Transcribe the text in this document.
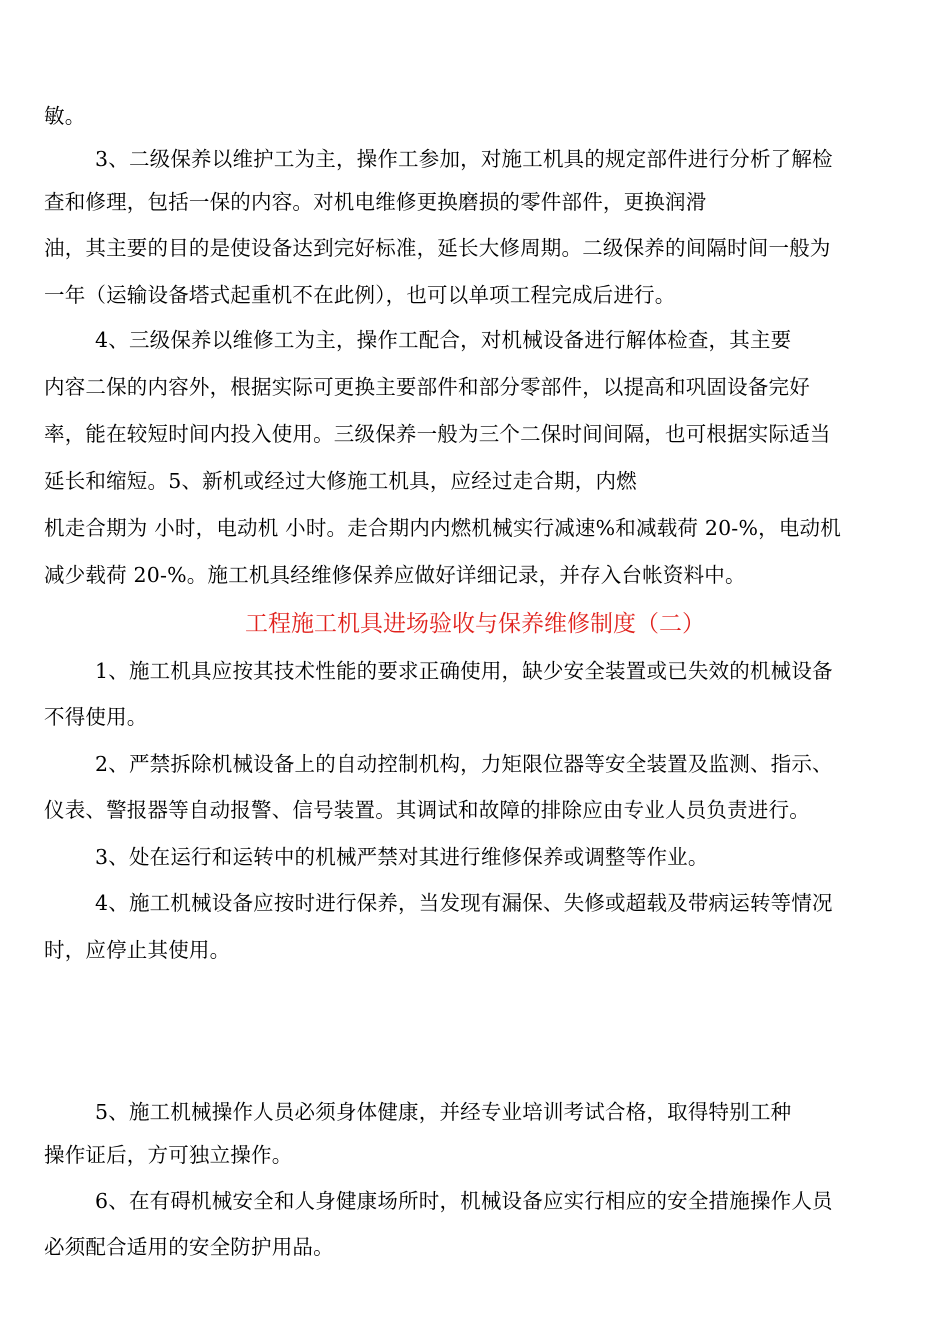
敏。
3、二级保养以维护工为主，操作工参加，对施工机具的规定部件进行分析了解检
查和修理，包括一保的内容。对机电维修更换磨损的零件部件，更换润滑
油，其主要的目的是使设备达到完好标准，延长大修周期。二级保养的间隔时间一般为
一年（运输设备塔式起重机不在此例），也可以单项工程完成后进行。
4、三级保养以维修工为主，操作工配合，对机械设备进行解体检查，其主要
内容二保的内容外，根据实际可更换主要部件和部分零部件，以提高和巩固设备完好
率，能在较短时间内投入使用。三级保养一般为三个二保时间间隔，也可根据实际适当
延长和缩短。5、新机或经过大修施工机具，应经过走合期，内燃
机走合期为 小时，电动机 小时。走合期内内燃机械实行减速%和减载荷 20-%，电动机
减少载荷 20-%。施工机具经维修保养应做好详细记录，并存入台帐资料中。
工程施工机具进场验收与保养维修制度（二）
1、施工机具应按其技术性能的要求正确使用，缺少安全装置或已失效的机械设备
不得使用。
2、严禁拆除机械设备上的自动控制机构，力矩限位器等安全装置及监测、指示、
仪表、警报器等自动报警、信号装置。其调试和故障的排除应由专业人员负责进行。
3、处在运行和运转中的机械严禁对其进行维修保养或调整等作业。
4、施工机械设备应按时进行保养，当发现有漏保、失修或超载及带病运转等情况
时，应停止其使用。
5、施工机械操作人员必须身体健康，并经专业培训考试合格，取得特别工种
操作证后，方可独立操作。
6、在有碍机械安全和人身健康场所时，机械设备应实行相应的安全措施操作人员
必须配合适用的安全防护用品。
